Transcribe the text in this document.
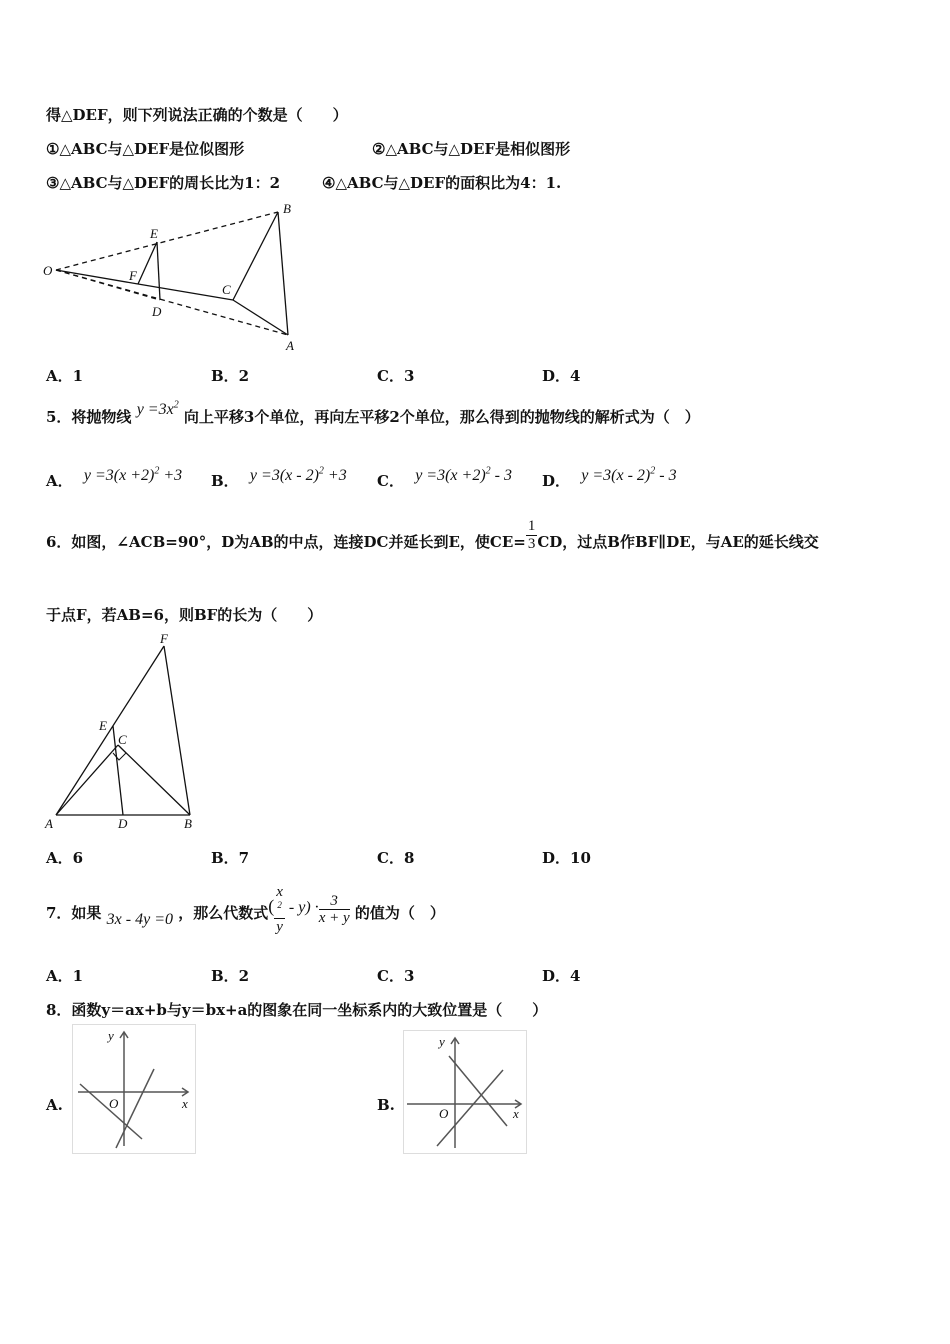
得△DEF，则下列说法正确的个数是（　　）
①△ABC与△DEF是位似图形	②△ABC与△DEF是相似图形
③△ABC与△DEF的周长比为1：2	④△ABC与△DEF的面积比为4：1.
O
E
F
D
C
B
A
A．1	B．2	C．3	D．4
5．将抛物线 $y =3x^2$ 向上平移3个单位，再向左平移2个单位，那么得到的抛物线的解析式为（　）
A． $y =3(x +2)^2 +3$ B． y =3(x - 2)$^2$ +3 C． $y =3(x +2)^2 - 3$ D． y =3(x - 2)$^2$ - 3
6．如图，∠ACB=90°，D为AB的中点，连接DC并延长到E，使$CE= \frac{1}{3}$ CD，过点B作BF∥DE，与AE的延长线交
于点F，若AB=6，则BF的长为（　　）
F
E
C
A	D	B
A．6	B．7	C．8	D．10
7．如果 3x - 4y =0 ，那么代数式( x
$^2$
$y - y) \cdot \frac{3}{x + y}$ 的值为（　）
A．1	B．2	C．3	D．4
8．函数y＝ax+b与y＝bx+a的图象在同一坐标系内的大致位置是（　　）
A.
y
x
O	B.
y
x
O
